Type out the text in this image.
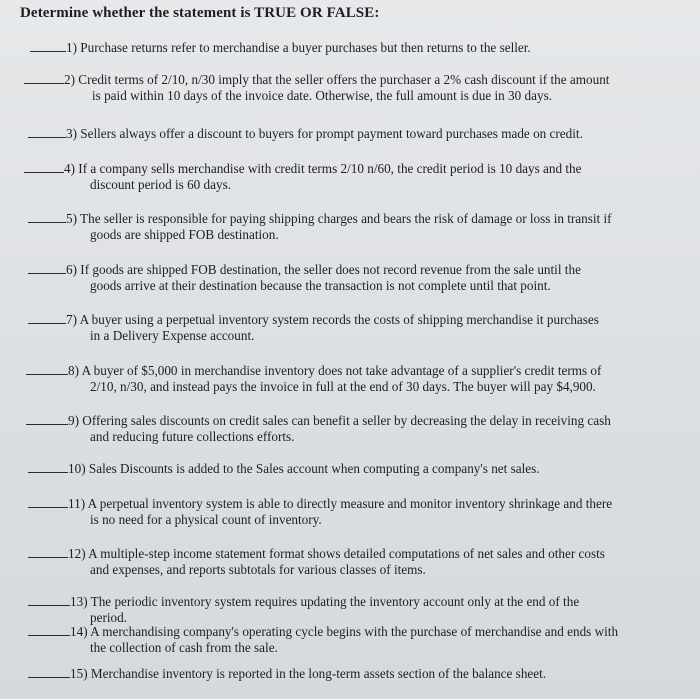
Determine whether the statement is TRUE OR FALSE:
1) Purchase returns refer to merchandise a buyer purchases but then returns to the seller.
2) Credit terms of 2/10, n/30 imply that the seller offers the purchaser a 2% cash discount if the amount
is paid within 10 days of the invoice date. Otherwise, the full amount is due in 30 days.
3) Sellers always offer a discount to buyers for prompt payment toward purchases made on credit.
4) If a company sells merchandise with credit terms 2/10 n/60, the credit period is 10 days and the
discount period is 60 days.
5) The seller is responsible for paying shipping charges and bears the risk of damage or loss in transit if
goods are shipped FOB destination.
6) If goods are shipped FOB destination, the seller does not record revenue from the sale until the
goods arrive at their destination because the transaction is not complete until that point.
7) A buyer using a perpetual inventory system records the costs of shipping merchandise it purchases
in a Delivery Expense account.
8) A buyer of $5,000 in merchandise inventory does not take advantage of a supplier's credit terms of
2/10, n/30, and instead pays the invoice in full at the end of 30 days. The buyer will pay $4,900.
9) Offering sales discounts on credit sales can benefit a seller by decreasing the delay in receiving cash
and reducing future collections efforts.
10) Sales Discounts is added to the Sales account when computing a company's net sales.
11) A perpetual inventory system is able to directly measure and monitor inventory shrinkage and there
is no need for a physical count of inventory.
12) A multiple-step income statement format shows detailed computations of net sales and other costs
and expenses, and reports subtotals for various classes of items.
13) The periodic inventory system requires updating the inventory account only at the end of the
period.
14) A merchandising company's operating cycle begins with the purchase of merchandise and ends with
the collection of cash from the sale.
15) Merchandise inventory is reported in the long-term assets section of the balance sheet.
